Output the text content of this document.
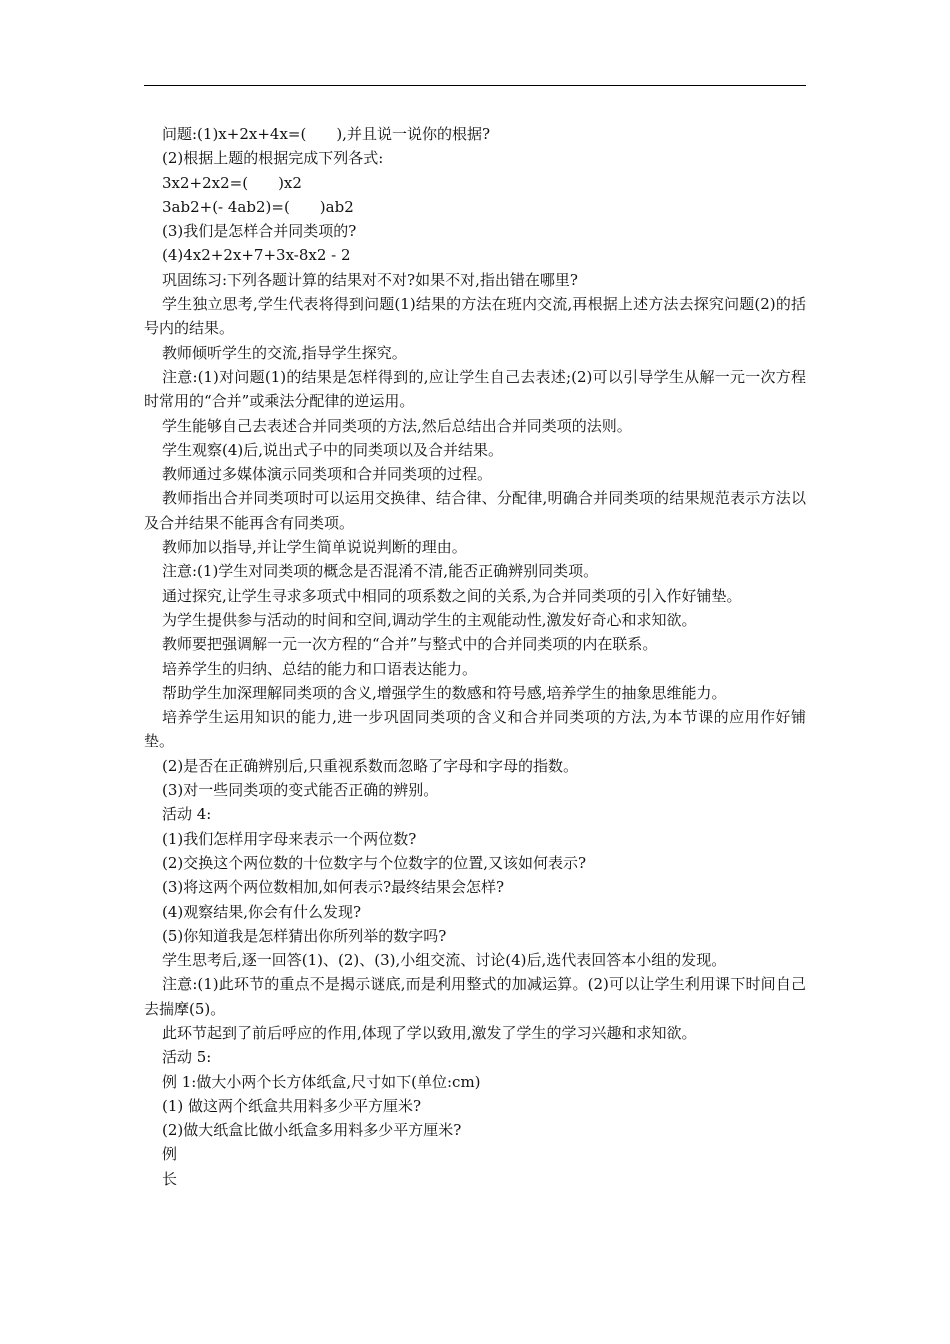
问题:(1)x+2x+4x=(　　),并且说一说你的根据?

(2)根据上题的根据完成下列各式:

3x2+2x2=(　　)x2

3ab2+(- 4ab2)=(　　)ab2

(3)我们是怎样合并同类项的?

(4)4x2+2x+7+3x-8x2 - 2

巩固练习:下列各题计算的结果对不对?如果不对,指出错在哪里?

学生独立思考,学生代表将得到问题(1)结果的方法在班内交流,再根据上述方法去探究问题(2)的括号内的结果。

教师倾听学生的交流,指导学生探究。

注意:(1)对问题(1)的结果是怎样得到的,应让学生自己去表述;(2)可以引导学生从解一元一次方程时常用的“合并”或乘法分配律的逆运用。

学生能够自己去表述合并同类项的方法,然后总结出合并同类项的法则。

学生观察(4)后,说出式子中的同类项以及合并结果。

教师通过多媒体演示同类项和合并同类项的过程。

教师指出合并同类项时可以运用交换律、结合律、分配律,明确合并同类项的结果规范表示方法以及合并结果不能再含有同类项。

教师加以指导,并让学生简单说说判断的理由。

注意:(1)学生对同类项的概念是否混淆不清,能否正确辨别同类项。

通过探究,让学生寻求多项式中相同的项系数之间的关系,为合并同类项的引入作好铺垫。

为学生提供参与活动的时间和空间,调动学生的主观能动性,激发好奇心和求知欲。

教师要把强调解一元一次方程的“合并”与整式中的合并同类项的内在联系。

培养学生的归纳、总结的能力和口语表达能力。

帮助学生加深理解同类项的含义,增强学生的数感和符号感,培养学生的抽象思维能力。

培养学生运用知识的能力,进一步巩固同类项的含义和合并同类项的方法,为本节课的应用作好铺垫。

(2)是否在正确辨别后,只重视系数而忽略了字母和字母的指数。

(3)对一些同类项的变式能否正确的辨别。

活动 4:

(1)我们怎样用字母来表示一个两位数?

(2)交换这个两位数的十位数字与个位数字的位置,又该如何表示?

(3)将这两个两位数相加,如何表示?最终结果会怎样?

(4)观察结果,你会有什么发现?

(5)你知道我是怎样猜出你所列举的数字吗?

学生思考后,逐一回答(1)、(2)、(3),小组交流、讨论(4)后,选代表回答本小组的发现。

注意:(1)此环节的重点不是揭示谜底,而是利用整式的加减运算。(2)可以让学生利用课下时间自己去揣摩(5)。

此环节起到了前后呼应的作用,体现了学以致用,激发了学生的学习兴趣和求知欲。

活动 5:

例 1:做大小两个长方体纸盒,尺寸如下(单位:cm)

(1) 做这两个纸盒共用料多少平方厘米?

(2)做大纸盒比做小纸盒多用料多少平方厘米?

例

长
